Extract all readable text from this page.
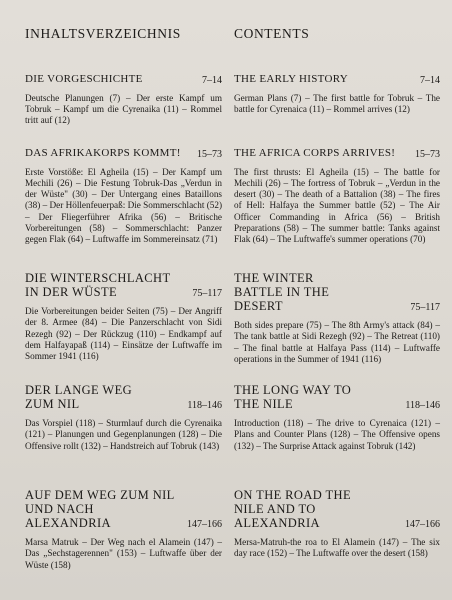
INHALTSVERZEICHNIS
DIE VORGESCHICHTE	7–14
Deutsche Planungen (7) – Der erste Kampf um Tobruk – Kampf um die Cyrenaika (11) – Rommel tritt auf (12)
DAS AFRIKAKORPS KOMMT!	15–73
Erste Vorstöße: El Agheila (15) – Der Kampf um Mechili (26) – Die Festung Tobruk-Das „Verdun in der Wüste" (30) – Der Untergang eines Bataillons (38) – Der Höllenfeuerpaß: Die Sommerschlacht (52) – Der Fliegerführer Afrika (56) – Britische Vorbereitungen (58) – Sommerschlacht: Panzer gegen Flak (64) – Luftwaffe im Sommereinsatz (71)
DIE WINTERSCHLACHT IN DER WÜSTE	75–117
Die Vorbereitungen beider Seiten (75) – Der Angriff der 8. Armee (84) – Die Panzerschlacht von Sidi Rezegh (92) – Der Rückzug (110) – Endkampf auf dem Halfayapaß (114) – Einsätze der Luftwaffe im Sommer 1941 (116)
DER LANGE WEG ZUM NIL	118–146
Das Vorspiel (118) – Sturmlauf durch die Cyrenaika (121) – Planungen und Gegenplanungen (128) – Die Offensive rollt (132) – Handstreich auf Tobruk (143)
AUF DEM WEG ZUM NIL UND NACH ALEXANDRIA	147–166
Marsa Matruk – Der Weg nach el Alamein (147) – Das „Sechstagerennen" (153) – Luftwaffe über der Wüste (158)
CONTENTS
THE EARLY HISTORY	7–14
German Plans (7) – The first battle for Tobruk – The battle for Cyrenaica (11) – Rommel arrives (12)
THE AFRICA CORPS ARRIVES!	15–73
The first thrusts: El Agheila (15) – The battle for Mechili (26) – The fortress of Tobruk – „Verdun in the desert (30) – The death of a Battalion (38) – The fires of Hell: Halfaya the Summer battle (52) – The Air Officer Commanding in Africa (56) – British Preparations (58) – The summer battle: Tanks against Flak (64) – The Luftwaffe's summer operations (70)
THE WINTER BATTLE IN THE DESERT	75–117
Both sides prepare (75) – The 8th Army's attack (84) – The tank battle at Sidi Rezegh (92) – The Retreat (110) – The final battle at Halfaya Pass (114) – Luftwaffe operations in the Summer of 1941 (116)
THE LONG WAY TO THE NILE	118–146
Introduction (118) – The drive to Cyrenaica (121) – Plans and Counter Plans (128) – The Offensive opens (132) – The Surprise Attack against Tobruk (142)
ON THE ROAD THE NILE AND TO ALEXANDRIA	147–166
Mersa-Matruh-the roa to El Alamein (147) – The six day race (152) – The Luftwaffe over the desert (158)
